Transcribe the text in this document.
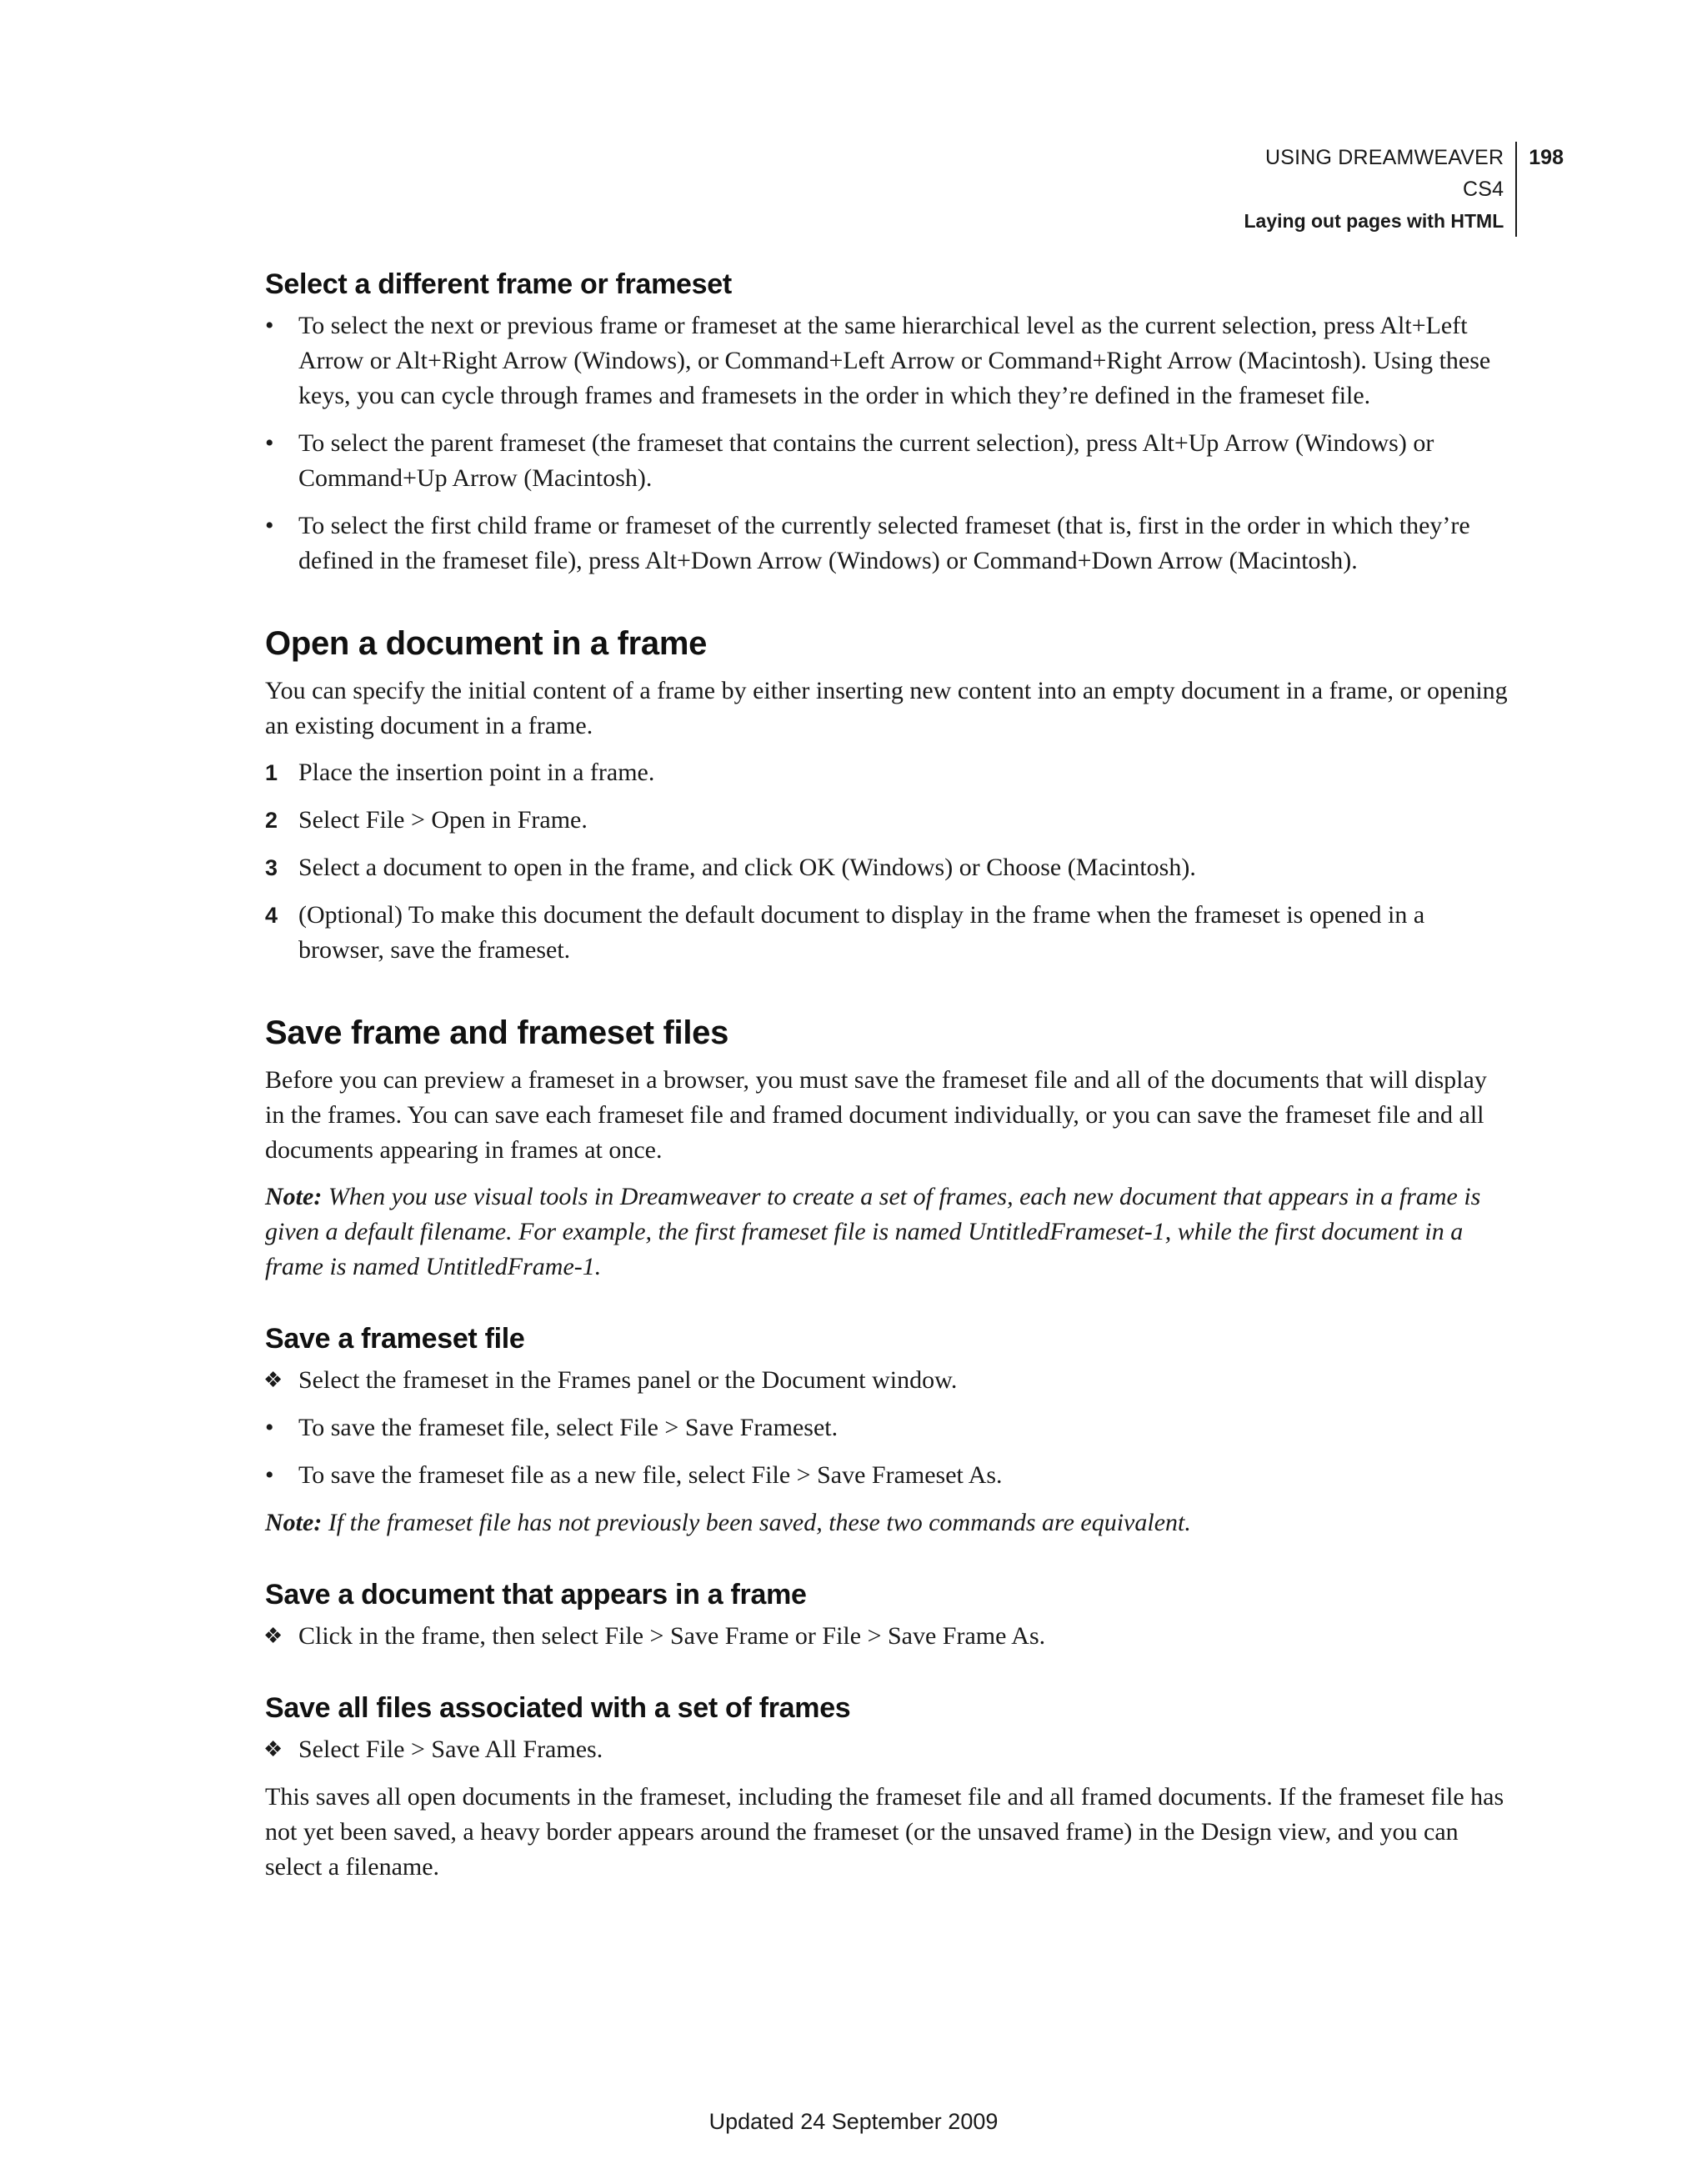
USING DREAMWEAVER CS4
Laying out pages with HTML
198
Select a different frame or frameset
• To select the next or previous frame or frameset at the same hierarchical level as the current selection, press Alt+Left Arrow or Alt+Right Arrow (Windows), or Command+Left Arrow or Command+Right Arrow (Macintosh). Using these keys, you can cycle through frames and framesets in the order in which they’re defined in the frameset file.
• To select the parent frameset (the frameset that contains the current selection), press Alt+Up Arrow (Windows) or Command+Up Arrow (Macintosh).
• To select the first child frame or frameset of the currently selected frameset (that is, first in the order in which they’re defined in the frameset file), press Alt+Down Arrow (Windows) or Command+Down Arrow (Macintosh).
Open a document in a frame

You can specify the initial content of a frame by either inserting new content into an empty document in a frame, or opening an existing document in a frame.

1 Place the insertion point in a frame.
2 Select File > Open in Frame.
3 Select a document to open in the frame, and click OK (Windows) or Choose (Macintosh).
4 (Optional) To make this document the default document to display in the frame when the frameset is opened in a browser, save the frameset.
Save frame and frameset files

Before you can preview a frameset in a browser, you must save the frameset file and all of the documents that will display in the frames. You can save each frameset file and framed document individually, or you can save the frameset file and all documents appearing in frames at once.

Note: When you use visual tools in Dreamweaver to create a set of frames, each new document that appears in a frame is given a default filename. For example, the first frameset file is named UntitledFrameset-1, while the first document in a frame is named UntitledFrame-1.

Save a frameset file
❖ Select the frameset in the Frames panel or the Document window.
• To save the frameset file, select File > Save Frameset.
• To save the frameset file as a new file, select File > Save Frameset As.

Note: If the frameset file has not previously been saved, these two commands are equivalent.

Save a document that appears in a frame
❖ Click in the frame, then select File > Save Frame or File > Save Frame As.
Save all files associated with a set of frames
❖ Select File > Save All Frames.

This saves all open documents in the frameset, including the frameset file and all framed documents. If the frameset file has not yet been saved, a heavy border appears around the frameset (or the unsaved frame) in the Design view, and you can select a filename.

Updated 24 September 2009
